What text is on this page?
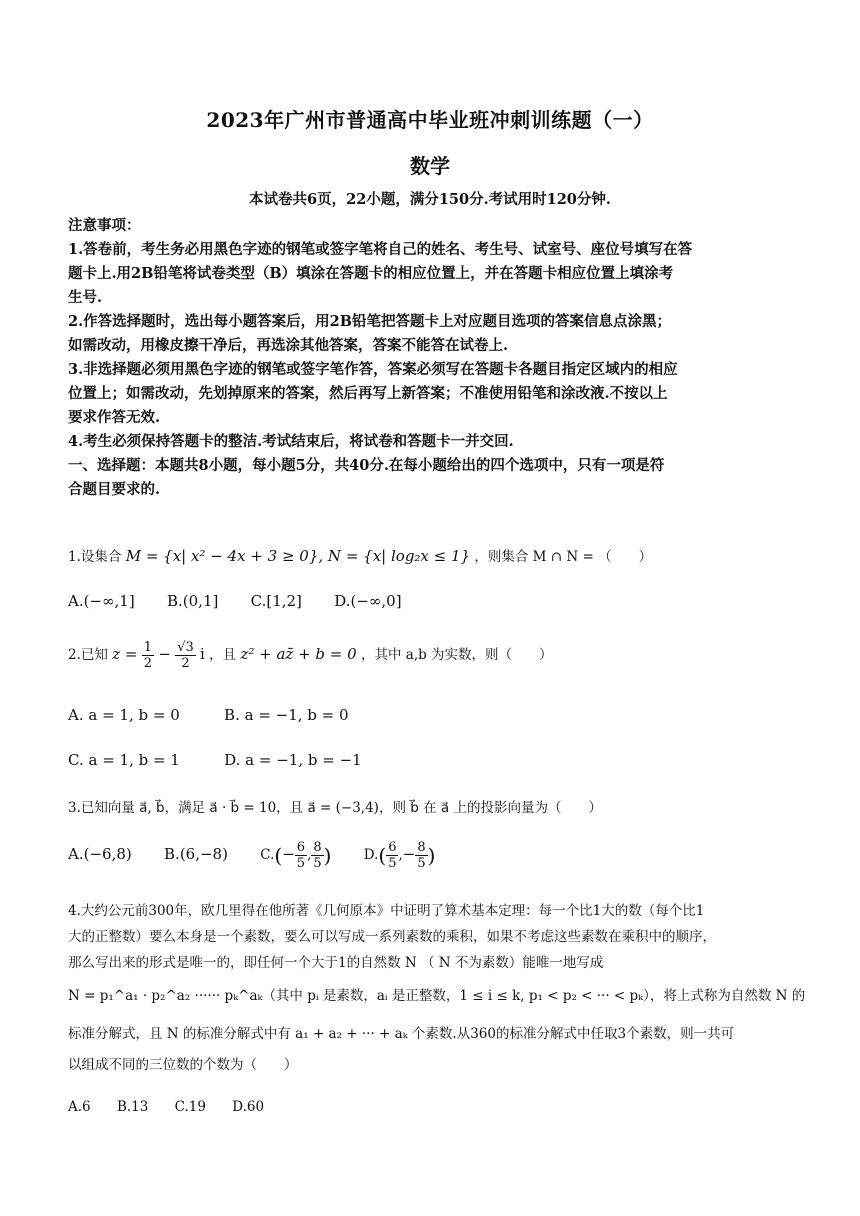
2023年广州市普通高中毕业班冲刺训练题（一）
数学
本试卷共6页，22小题，满分150分.考试用时120分钟.
注意事项：
1.答卷前，考生务必用黑色字迹的钢笔或签字笔将自己的姓名、考生号、试室号、座位号填写在答
题卡上.用2B铅笔将试卷类型（B）填涂在答题卡的相应位置上，并在答题卡相应位置上填涂考
生号.
2.作答选择题时，选出每小题答案后，用2B铅笔把答题卡上对应题目选项的答案信息点涂黑；
如需改动，用橡皮擦干净后，再选涂其他答案，答案不能答在试卷上.
3.非选择题必须用黑色字迹的钢笔或签字笔作答，答案必须写在答题卡各题目指定区域内的相应
位置上；如需改动，先划掉原来的答案，然后再写上新答案；不准使用铅笔和涂改液.不按以上
要求作答无效.
4.考生必须保持答题卡的整洁.考试结束后，将试卷和答题卡一并交回.
一、选择题：本题共8小题，每小题5分，共40分.在每小题给出的四个选项中，只有一项是符
合题目要求的.
1.设集合 M = {x| x² − 4x + 3 ≥ 0}, N = {x| log₂x ≤ 1} ，则集合 M ∩ N = （　　）
A.(−∞,1] B.(0,1] C.[1,2] D.(−∞,0]
2.已知 $z = \frac{1}{2} - \frac{√3}{2}$ i ，且 z² + az̄ + b = 0 ，其中 a,b 为实数，则（　　）
A. a = 1, b = 0	B. a = −1, b = 0
C. a = 1, b = 1	D. a = −1, b = −1
3.已知向量 a⃗, b⃗，满足 a⃗ · b⃗ = 10，且 a⃗ = (−3,4)，则 b⃗ 在 a⃗ 上的投影向量为（　　）
A.(−6,8) B.(6,−8) $C.(- \frac{6}{5}$ , $\frac{8}{5}$ ) $D.( \frac{6}{5}$ ,− $\frac{8}{5}$ )
4.大约公元前300年，欧几里得在他所著《几何原本》中证明了算术基本定理：每一个比1大的数（每个比1
大的正整数）要么本身是一个素数，要么可以写成一系列素数的乘积，如果不考虑这些素数在乘积中的顺序，
那么写出来的形式是唯一的，即任何一个大于1的自然数 N （ N 不为素数）能唯一地写成
N = p₁^a₁ · p₂^a₂ ······ pₖ^aₖ（其中 pᵢ 是素数，aᵢ 是正整数，1 ≤ i ≤ k, p₁ < p₂ < ··· < pₖ），将上式称为自然数 N 的
标准分解式，且 N 的标准分解式中有 a₁ + a₂ + ··· + aₖ 个素数.从360的标准分解式中任取3个素数，则一共可
以组成不同的三位数的个数为（　　）
A.6 B.13 C.19 D.60
